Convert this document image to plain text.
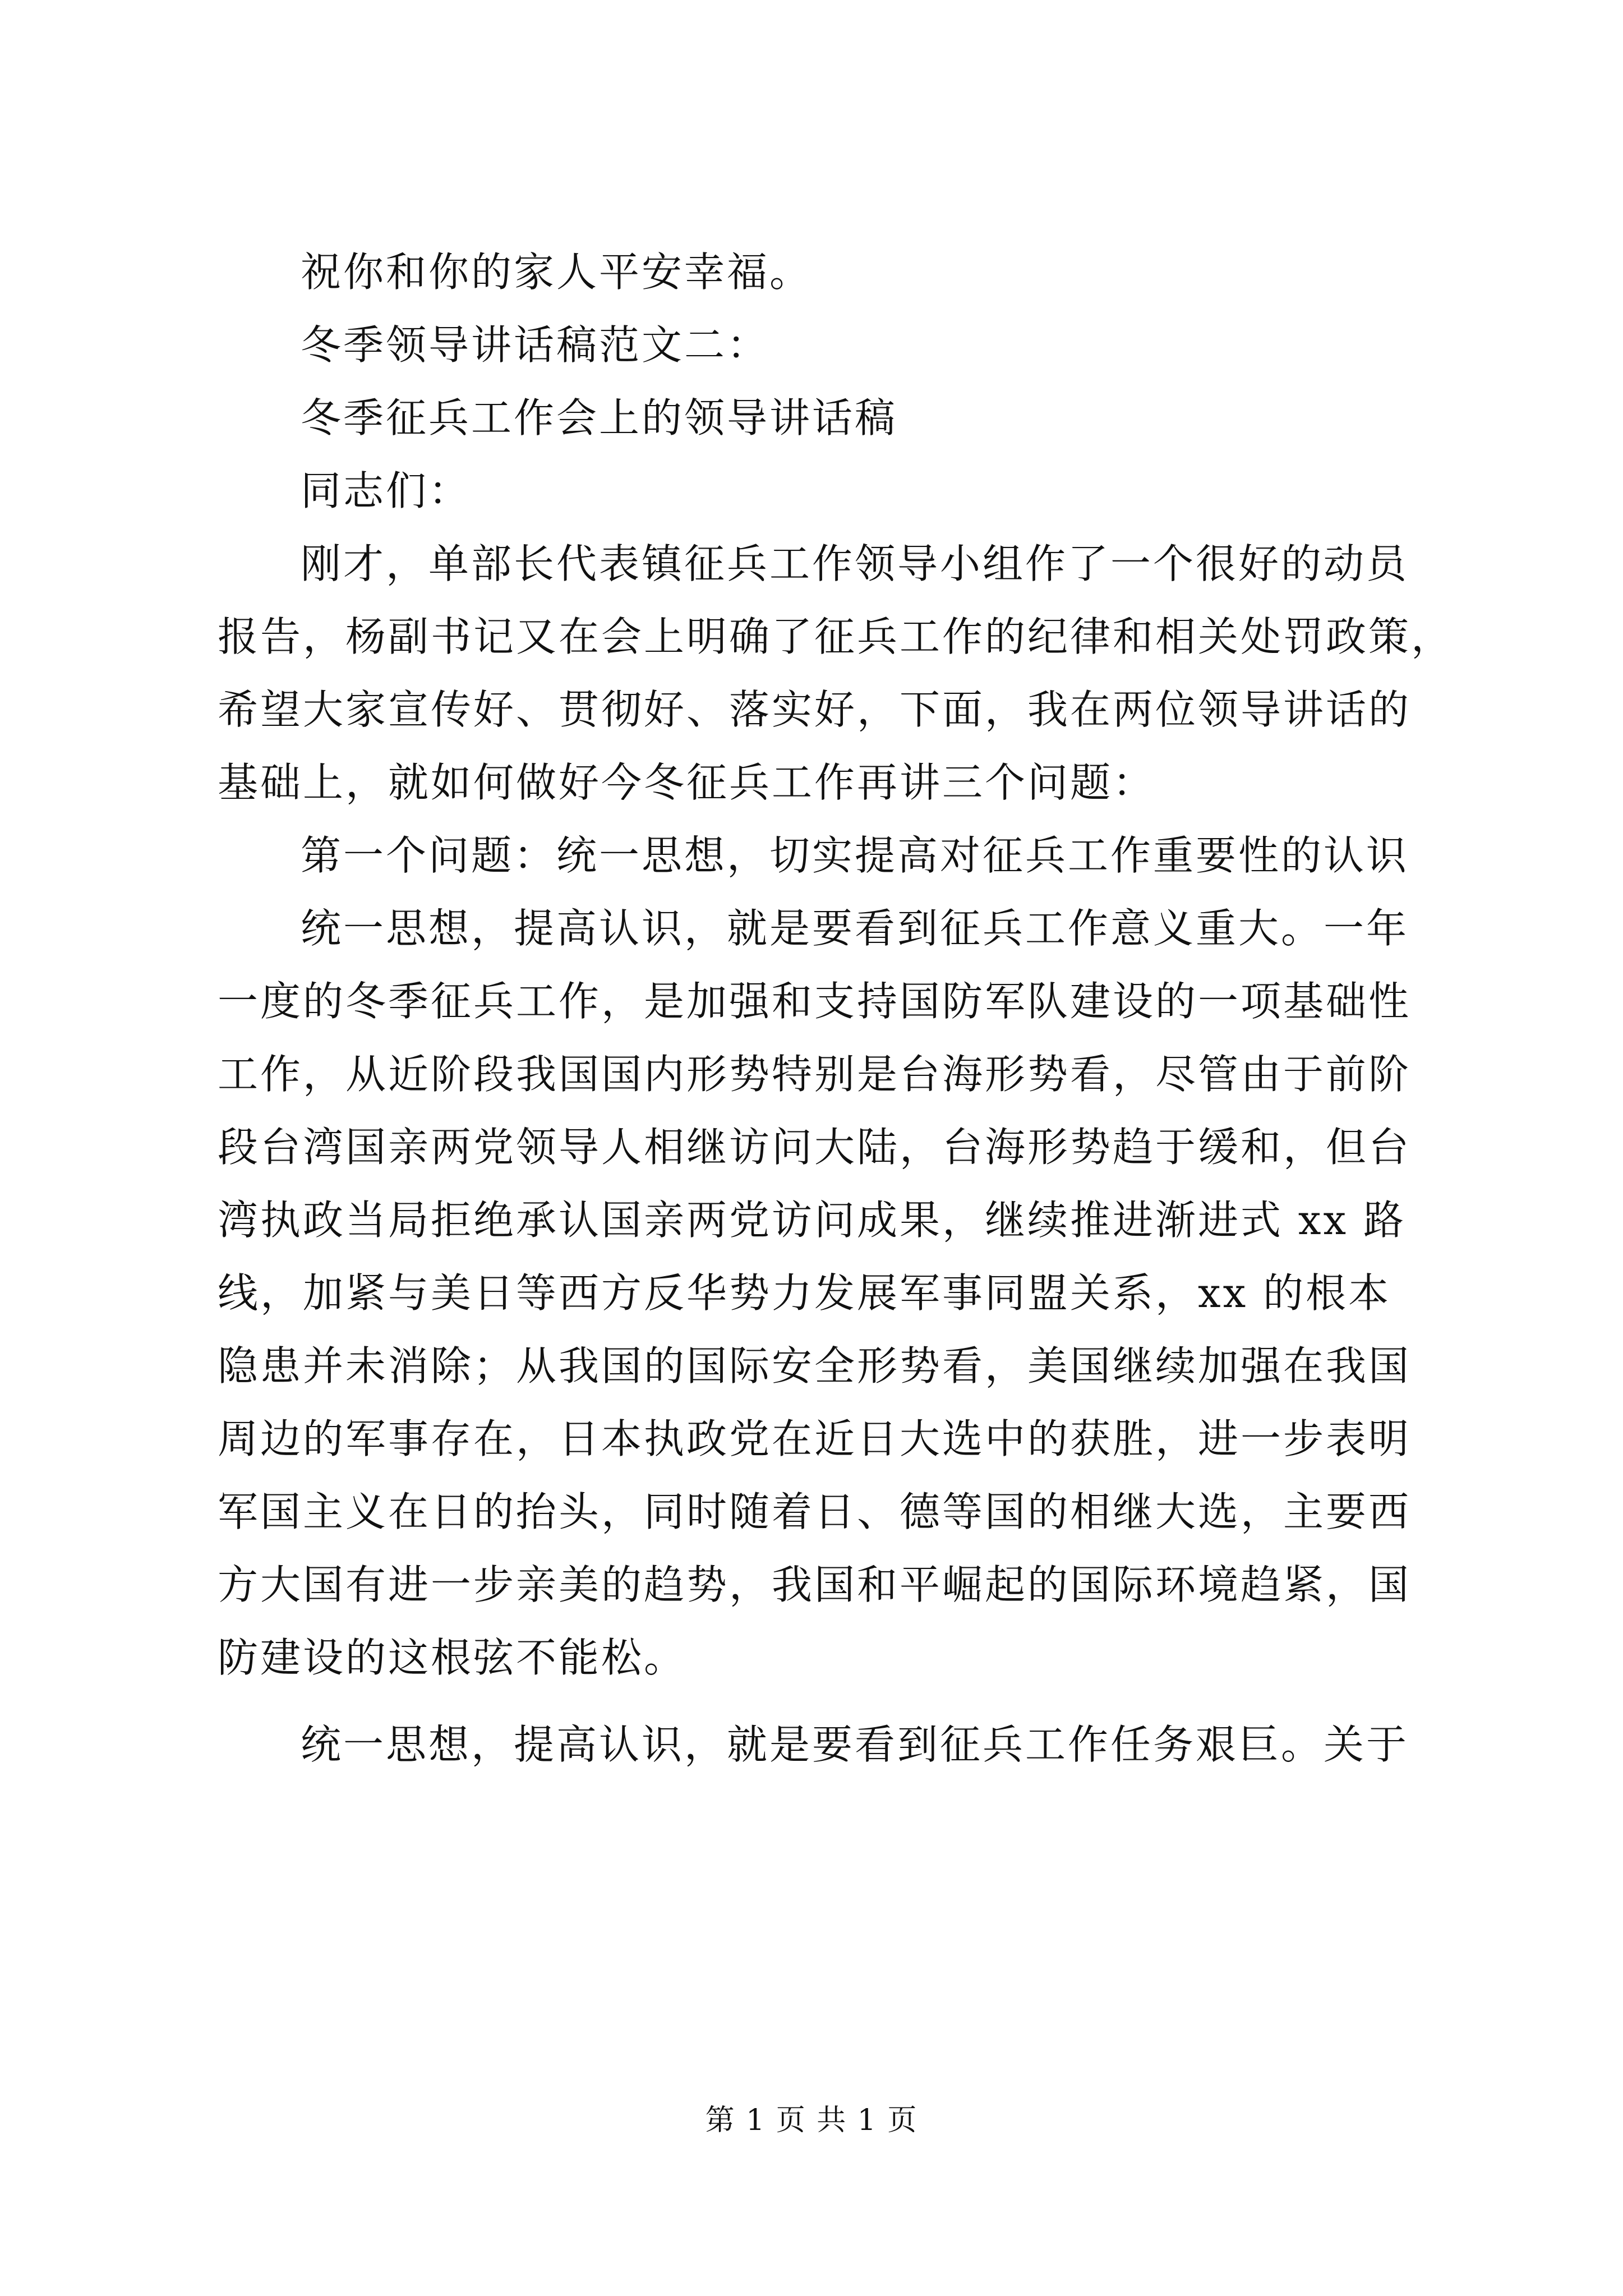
祝你和你的家人平安幸福。
冬季领导讲话稿范文二：
冬季征兵工作会上的领导讲话稿
同志们：
刚才，单部长代表镇征兵工作领导小组作了一个很好的动员
报告，杨副书记又在会上明确了征兵工作的纪律和相关处罚政策，
希望大家宣传好、贯彻好、落实好，下面，我在两位领导讲话的
基础上，就如何做好今冬征兵工作再讲三个问题：
第一个问题：统一思想，切实提高对征兵工作重要性的认识
统一思想，提高认识，就是要看到征兵工作意义重大。一年
一度的冬季征兵工作，是加强和支持国防军队建设的一项基础性
工作，从近阶段我国国内形势特别是台海形势看，尽管由于前阶
段台湾国亲两党领导人相继访问大陆，台海形势趋于缓和，但台
湾执政当局拒绝承认国亲两党访问成果，继续推进渐进式 xx 路
线，加紧与美日等西方反华势力发展军事同盟关系，xx 的根本
隐患并未消除；从我国的国际安全形势看，美国继续加强在我国
周边的军事存在，日本执政党在近日大选中的获胜，进一步表明
军国主义在日的抬头，同时随着日、德等国的相继大选，主要西
方大国有进一步亲美的趋势，我国和平崛起的国际环境趋紧，国
防建设的这根弦不能松。
统一思想，提高认识，就是要看到征兵工作任务艰巨。关于
第 1 页 共 1 页
